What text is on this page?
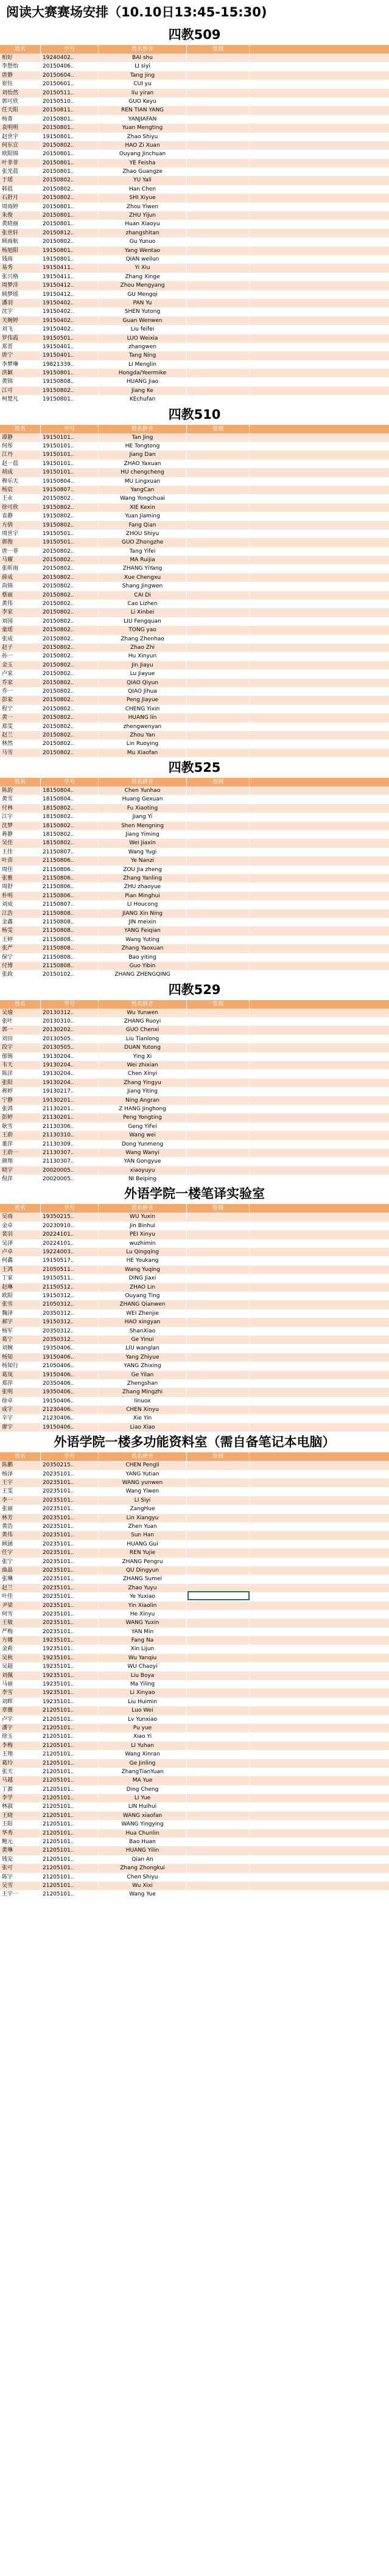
阅读大赛赛场安排（10.10日13:45-15:30)
四教509
姓名	学号	姓名拼音	签到
柏好	19240402..	BAI shu
李想怡	20150406..	LI siyi
唐静	20150604..	Tang jing
崔钰	20150601..	CUI yu
刘怡然	20150511..	liu yiran
郭可欣	20150510..	GUO Keyu
任天阳	20150811..	REN TIAN YANG
杨菁	20150801..	YANJIAFAN
袁明明	20150801..	Yuan Mengting
赵世宇	19150801..	Zhao Shiyu
何东宣	20150802..	HAO Zi Xuan
欧阳锦	20150801..	Ouyang Jinchuan
叶菲菲	20150801..	YE Feisha
张光晨	20150801..	Zhao Guangze
于瑶	20150802..	YU Yali
韩晨	20150802..	Han Chen
石舒月	20150802..	SHI Xiyue
周雨婷	20150801..	Zhou Yiwen
朱俊	20150801..	ZHU Yijun
黄晓丽	20150801..	Huan Xiaoyu
张世轩	20150812..	zhangshitan
顾雨航	20150802..	Gu Yunuo
杨旭阳	19150801..	Yang Wentao
钱雨	19150801..	QIAN weilun
易秀	19150411..	Yi Xiu
张兴格	19150411..	Zhang Xinge
周梦洋	19150412..	Zhou Mengyang
顾梦瑶	19150412..	GU Mengqi
潘羽	19150402..	PAN Yu
沈宇	19150402..	SHEN Yutong
关婉婷	19150402..	Guan Wenwen
刘飞	19150402..	Liu feifei
罗伟霞	19150501..	LUO Weixia
郑晋	19150401..	zhangwen
唐宁	19150401..	Tang Ning
李梦琳	19821339..	LI Menglin
洪颖	19150801..	Hongda/Yeermike
黄锦	19150808..	HUANG Jiao
江可	19150802..	Jiang Ke
柯楚凡	19150801..	KEchufan
四教510
姓名	学号	姓名拼音	签到
谭静	19150101..	Tan Jing
何彤	19150101..	HE Tongtong
江丹	19150101..	Jiang Dan
赵一晨	19150101..	ZHAO Yaxuan
胡成	19150101..	HU chengcheng
穆乐天	19150804..	MU Lingxuan
杨宸	19150807..	YangCan
王永	20150802..	Wang Yongchuai
徐可欣	19150802..	XIE Kexin
袁静	19150802..	Yuan Jiaming
方倩	19150802..	Fang Qian
周世宇	19150501..	ZHOU Shiyu
郭俊	19150501..	GUO Zhongzhe
唐一菲	20150802..	Tang Yifei
马耀	20150802..	MA Ruijia
张昕雨	20150802..	ZHANG YiYang
薛成	20150802..	Xue Chengxu
尚锦	20150802..	Shang Jingwen
蔡丽	20150802..	CAI Di
黄伟	20150802..	Cao Lizhen
李家	20150802..	Li Xinbei
刘国	20150802..	LIU Fengquan
童瑶	20150802..	TONG yao
张成	20150802..	Zhang Zhenhao
赵子	20150802..	Zhao Zhi
孙一	20150802..	Hu Xinyun
金玉	20150802..	Jin Jiayu
卢家	20150802..	Lu Jiayue
乔家	20150802..	QIAO Qiyun
乔一	20150802..	QIAO Jihua
彭家	20150802..	Peng Jiayue
程宁	20150802..	CHENG Yixin
黄一	20150802..	HUANG lin
郑雯	20150802..	zhengwenyan
赵兰	20150802..	Zhou Yan
林然	20150802..	Lin Ruoying
马雪	20150802..	Mu Xiaofan
四教525
姓名	学号	姓名拼音	签到
陈韵	18150804..	Chen Yunhao
黄雪	18150804..	Huang Gexuan
付林	18150802..	Fu Xiaoting
江宇	18150802..	Jiang Yi
沈梦	18150802..	Shen Mengning
蒋静	18150802..	Jiang Yiming
吴佳	18150802..	Wei Jiaxin
王佳	21150807..	Wang Yugi
叶苗	21150806..	Ye Nanzi
周佳	21150806..	ZOU Jia zheng
张雅	21150806..	Zhang Yanling
周舒	21150806..	ZHU zhaoyue
朴明	21150806..	Pian Minghui
刘成	21150807..	LI Houcong
江浩	21150808..	JIANG Xin Ning
金鑫	21150808..	JIN meixin
杨雯	21150808..	YANG Feiqian
王婷	21150808..	Wang Yuting
张严	21150808..	Zhang Yaoxuan
保宁	21150808..	Bao yiting
付博	21150808..	Guo Yibin
张政	20150102..	ZHANG ZHENGQING
四教529
姓名	学号	姓名拼音	签到
吴瑜	20130312..	Wu Yunwen
张叶	20130310..	ZHANG Ruoyi
郭一	20130202..	GUO Chenxi
刘田	20130505..	Liu Tianlong
段宇	20130505..	DUAN Yutong
郁锡	19130204..	Ying Xi
韦天	19130204..	Wei zhixian
陈洋	19130204..	Chen Xinyi
张阳	19130204..	Zhang Yingyu
蒋婷	19130217..	Jiang Yiting
宁静	19130201..	Ning Angran
张鸿	21130201..	Z HANG Jinghong
彭婷	21130201..	Peng Yongting
耿雪	21130306..	Geng YiFei
王蔚	21130310..	Wang wei
董萍	21130309..	Dong Yunmeng
王蔚一	21130307..	Wang Wanyi
颜翔	21130307..	YAN Gongyue
晓宇	20020005..	xiaoyuyu
倪萍	20020005..	NI Beiping
外语学院一楼笔译实验室
姓名	学号	姓名拼音	签到
吴雨	19350215..	WU Yuxin
金卓	20230910..	Jin Binhui
裴羽	20224101..	PEI Xinyu
吴泽	20224101..	wuzhimin
卢卓	19224003..	Lu Qingqing
何鑫	19150517..	HE Youkang
王鸿	21050511..	Wang Yuqing
丁家	19150511..	DING Jiaxi
赵琳	21150512..	ZHAO Lin
欧阳	19150312..	Ouyang Ting
张雪	21050312..	ZHANG Qianwen
魏泽	20350312..	WEI Zhenjie
郝宇	19150312..	HAO xingyan
杨军	20350312..	ShanXiao
葛宁	20350312..	Ge Yinui
刘婉	19350406..	LIU wanglan
杨知	19150406..	Yang Zhiyue
杨知行	21050406..	YANG Zhixing
葛岚	19150406..	Ge Yilan
郑萍	20350406..	Zhengshan
张明	19350406..	Zhang Mingzhi
徐卓	19150406..	linuox
成宇	21230406..	CHEN Xinyu
辛宇	21230406..	Xie Yin
廖宇	19150406..	Liao Xiao
外语学院一楼多功能资料室（需自备笔记本电脑）
姓名	学号	姓名拼音	签到
陈鹏	20350215..	CHEN Pengli
杨泽	20235101..	YANG Yutian
王宇	20235101..	WANG yunwen
王雯	20235101..	Wang Yiwen
李一	20235101..	LI Siyi
张丽	20235101..	ZangHue
林芳	20235101..	Lin Xiangyu
黄浩	20235101..	Zhen Yuan
黄伟	20235101..	Sun Han
顾涵	20235101..	HUANG Gui
任宇	20235101..	REN Yujie
张宁	20235101..	ZHANG Pengru
曲晶	20235101..	QU Dingyun
张琳	20235101..	ZHANG Sumei
赵兰	20235101..	Zhao Yuyu
叶佳	20235101..	Ye Yuxiao
尹梁	20235101..	Yin Xiaolin
何雪	20235101..	He Xinyu
王敏	20235101..	WANG Yuxin
严梅	20235101..	YAN Min
方娜	19235101..	Fang Na
金莉	19235101..	Xin Lijun
吴秋	19235101..	Wu Yanqiu
吴超	19235101..	WU Chaoyi
刘佩	19235101..	Liu Boya
马丽	19235101..	Ma Yiling
李雪	19235101..	Li Xinyao
刘晖	19235101..	Liu Huimin
章薇	21205101..	Luo Wei
卢宇	21205101..	Lv Yunxiao
潘宇	21205101..	Pu yue
徐玉	21205101..	Xiao Yi
李梅	21205101..	LI Yuhan
王翔	21205101..	Wang Xinran
葛玲	21205101..	Ge Jinling
张天	21205101..	ZhangTianYuan
马越	21205101..	MA Yue
丁源	21205101..	Ding Cheng
李学	21205101..	LI Yue
林淑	21205101..	LIN Huihui
王晓	21205101..	WANG xiaofan
王阳	21205101..	WANG Yingying
华秀	21205101..	Hua Chunlin
鲍元	21205101..	Bao Huan
黄琳	21205101..	HUANG Yilin
钱安	21205101..	Qian An
张可	21205101..	Zhang Zhongkui
陈宇	21205101..	Chen Shiyu
吴雪	21205101..	Wu Xixi
王宇一	21205101..	Wang Yue
